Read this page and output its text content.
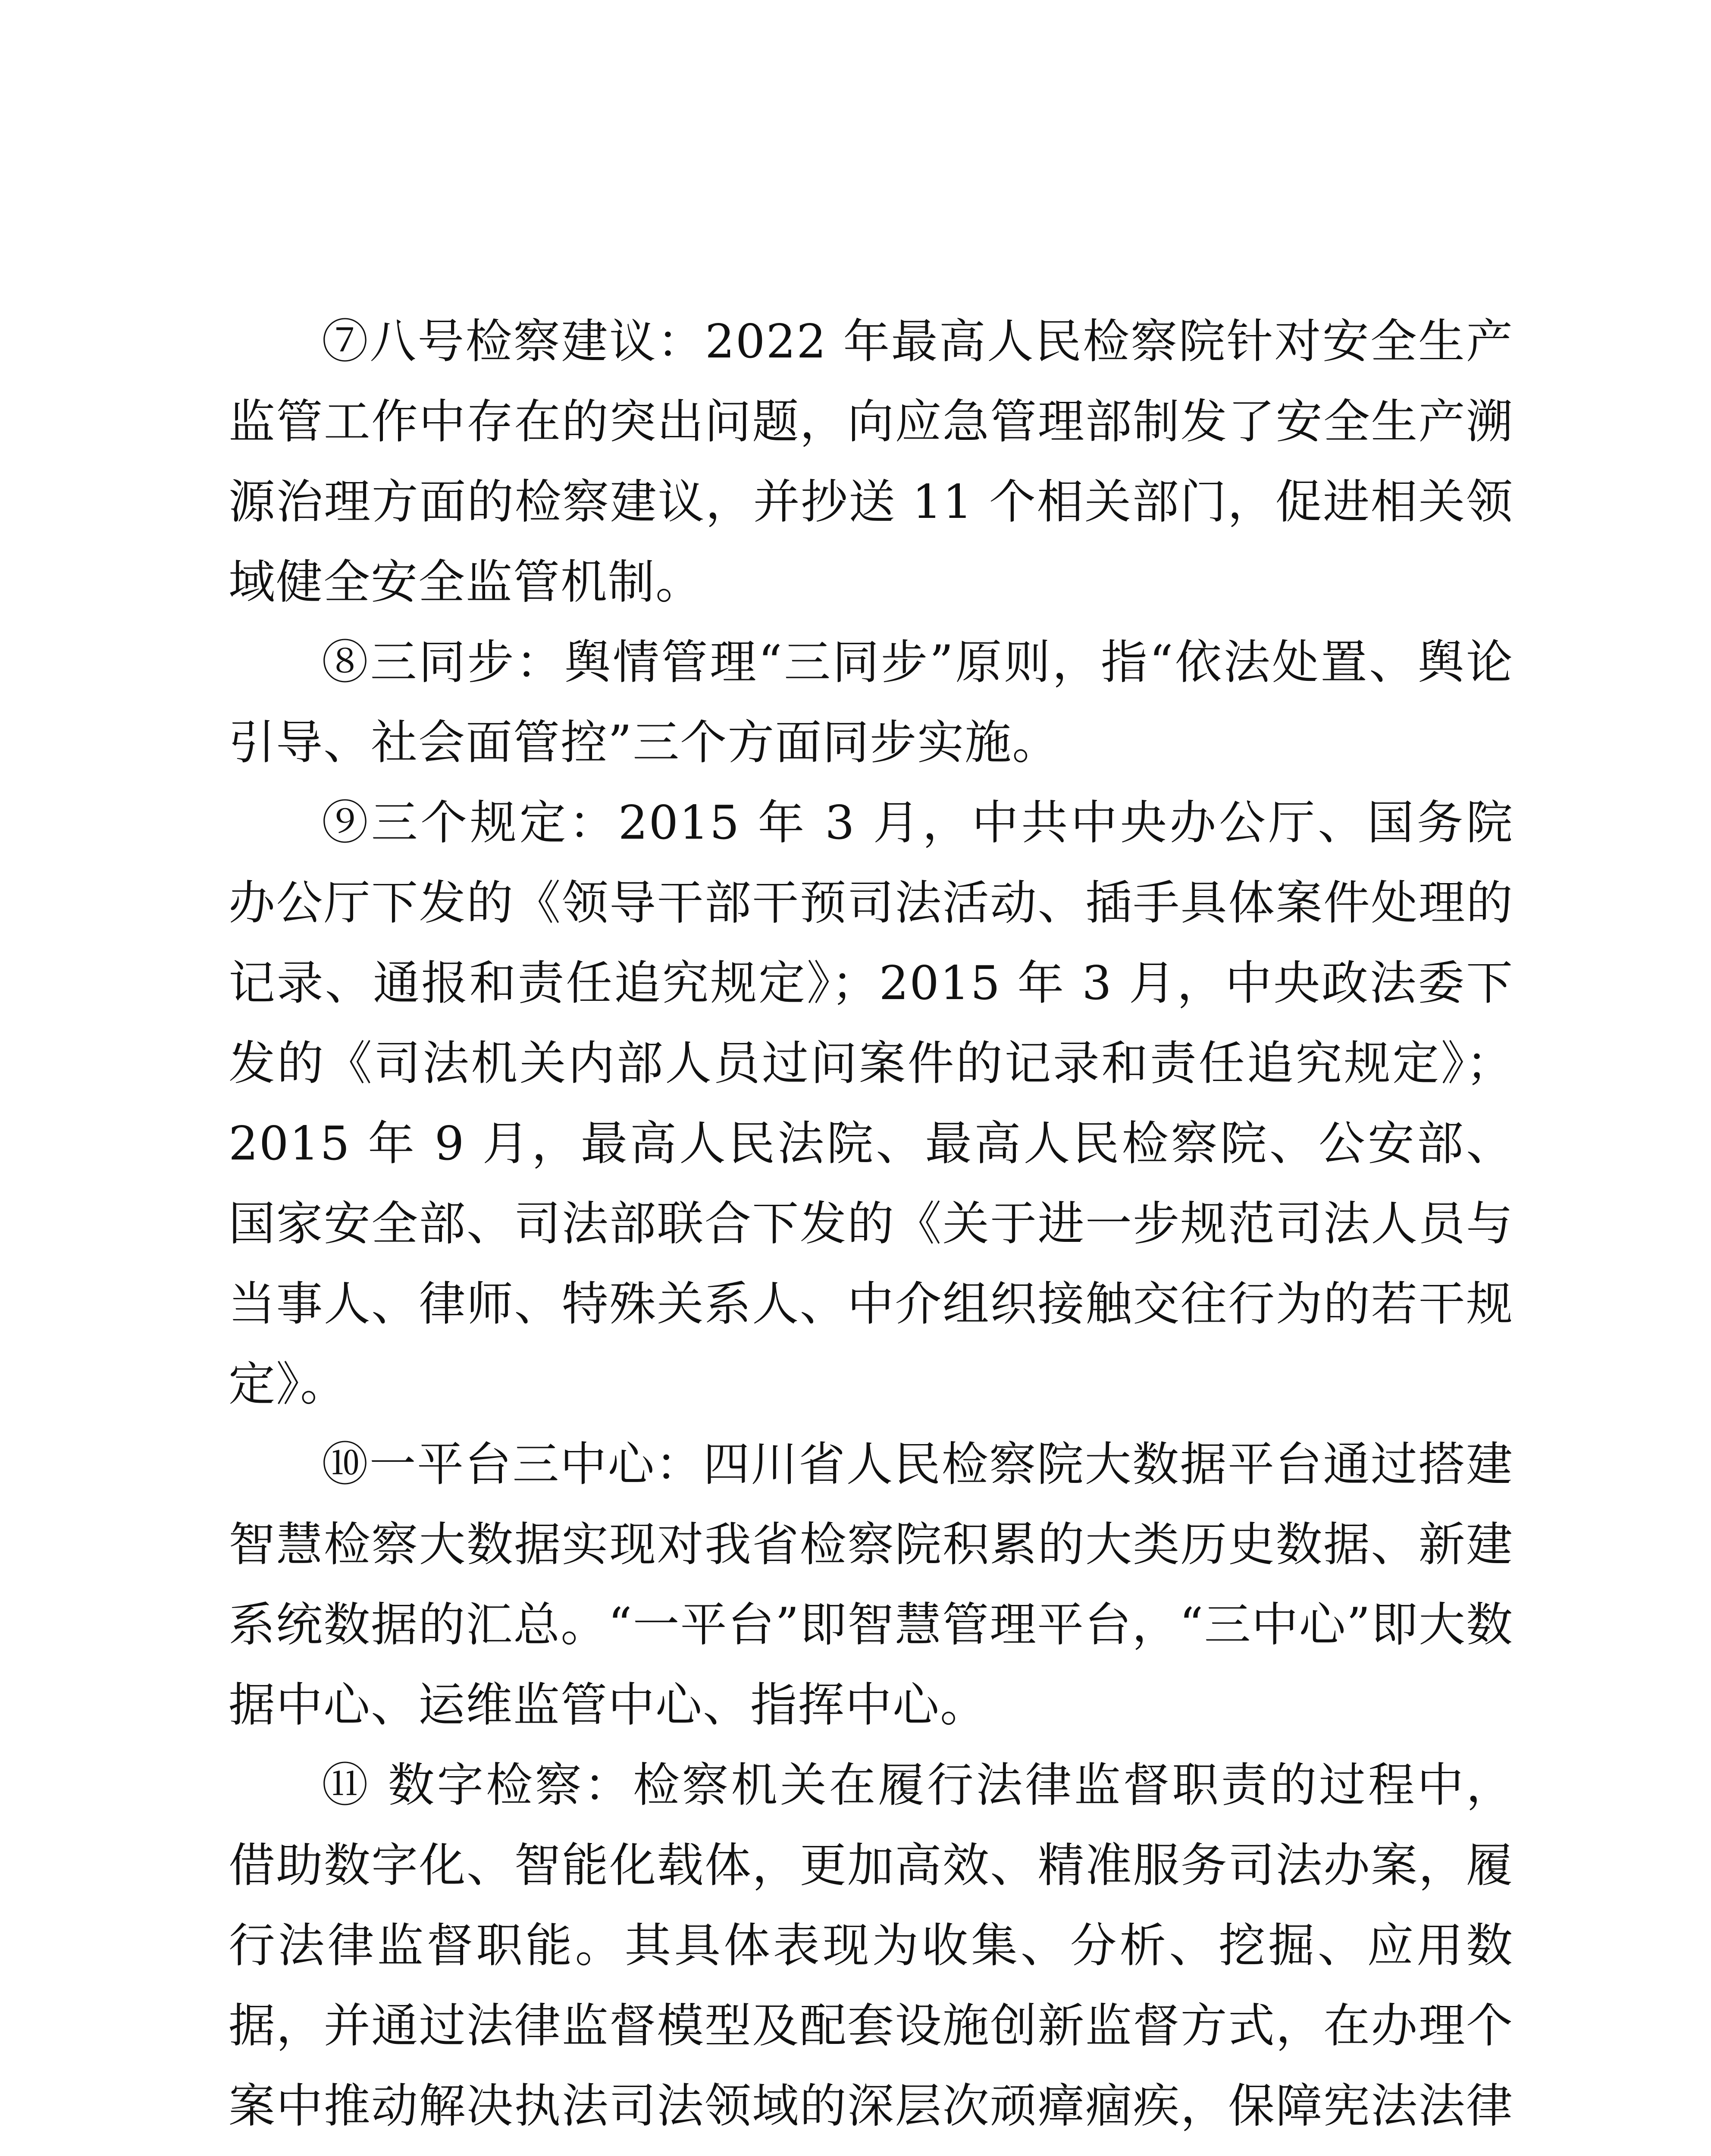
⑦八号检察建议：2022 年最高人民检察院针对安全生产监管工作中存在的突出问题，向应急管理部制发了安全生产溯源治理方面的检察建议，并抄送 11 个相关部门，促进相关领域健全安全监管机制。

⑧三同步：舆情管理“三同步”原则，指“依法处置、舆论引导、社会面管控”三个方面同步实施。

⑨三个规定：2015 年 3 月，中共中央办公厅、国务院办公厅下发的《领导干部干预司法活动、插手具体案件处理的记录、通报和责任追究规定》；2015 年 3 月，中央政法委下发的《司法机关内部人员过问案件的记录和责任追究规定》；2015 年 9 月，最高人民法院、最高人民检察院、公安部、国家安全部、司法部联合下发的《关于进一步规范司法人员与当事人、律师、特殊关系人、中介组织接触交往行为的若干规定》。

⑩一平台三中心：四川省人民检察院大数据平台通过搭建智慧检察大数据实现对我省检察院积累的大类历史数据、新建系统数据的汇总。“一平台”即智慧管理平台，“三中心”即大数据中心、运维监管中心、指挥中心。

⑪ 数字检察：检察机关在履行法律监督职责的过程中，借助数字化、智能化载体，更加高效、精准服务司法办案，履行法律监督职能。其具体表现为收集、分析、挖掘、应用数据，并通过法律监督模型及配套设施创新监督方式，在办理个案中推动解决执法司法领域的深层次顽瘴痼疾，保障宪法法律
